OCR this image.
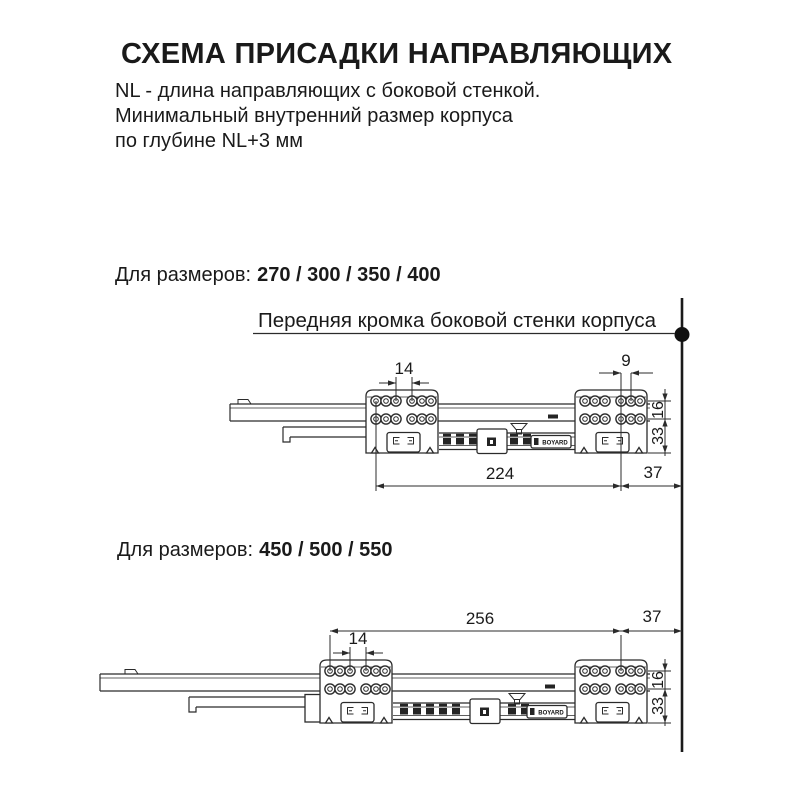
СХЕМА ПРИСАДКИ НАПРАВЛЯЮЩИХ
NL - длина направляющих с боковой стенкой.
Минимальный внутренний размер корпуса
по глубине NL+3 мм
Для размеров: 270 / 300 / 350 / 400
Передняя кромка боковой стенки корпуса
Для размеров: 450 / 500 / 550
BOYARD
14	9
16
33
224	37
BOYARD
256	37
14
16
33
